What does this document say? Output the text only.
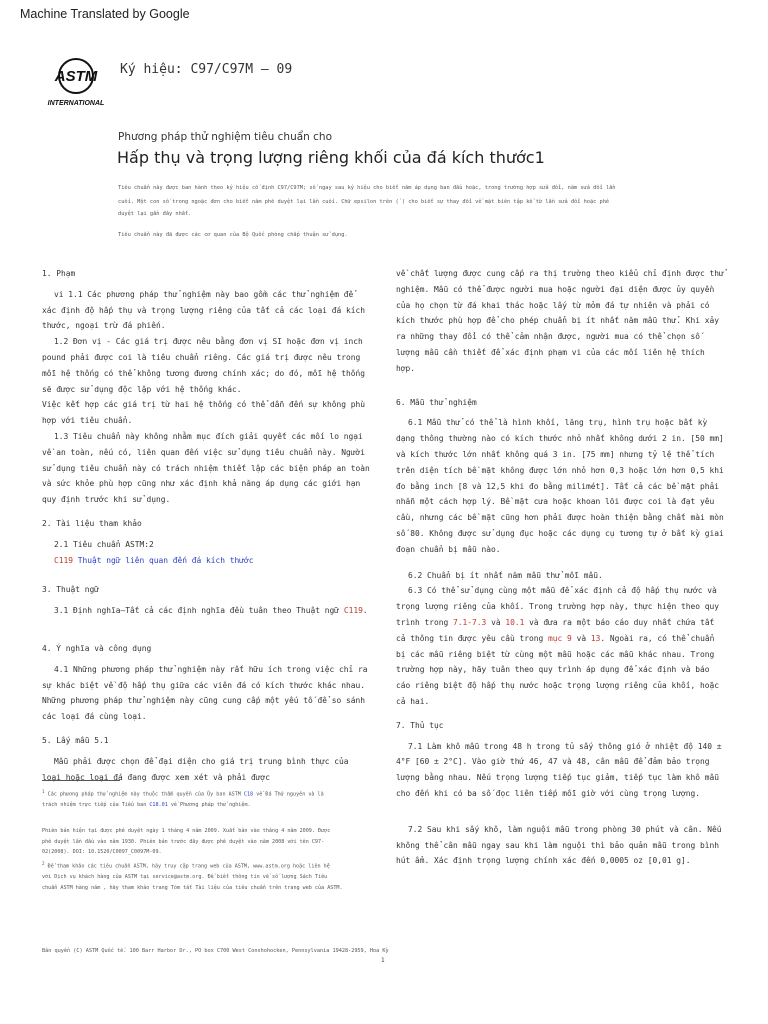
Machine Translated by Google
ASTM
INTERNATIONAL
Ký hiệu: C97/C97M – 09
Phương pháp thử nghiệm tiêu chuẩn cho
Hấp thụ và trọng lượng riêng khối của đá kích thước1
Tiêu chuẩn này được ban hành theo ký hiệu cố định C97/C97M; số ngay sau ký hiệu cho biết năm áp dụng ban đầu hoặc, trong trường hợp sửa đổi, năm sửa đổi lần
cuối. Một con số trong ngoặc đơn cho biết năm phê duyệt lại lần cuối. Chữ epsilon trên (´) cho biết sự thay đổi về mặt biên tập kể từ lần sửa đổi hoặc phê
duyệt lại gần đây nhất.
Tiêu chuẩn này đã được các cơ quan của Bộ Quốc phòng chấp thuận sử dụng.

1. Phạm

vi 1.1 Các phương pháp thử nghiệm này bao gồm các thử nghiệm để xác định độ hấp thụ và trọng lượng riêng của tất cả các loại đá kích thước, ngoại trừ đá phiến.

1.2 Đơn vị - Các giá trị được nêu bằng đơn vị SI hoặc đơn vị inch pound phải được coi là tiêu chuẩn riêng. Các giá trị được nêu trong mỗi hệ thống có thể không tương đương chính xác; do đó, mỗi hệ thống sẽ được sử dụng độc lập với hệ thống khác.

Việc kết hợp các giá trị từ hai hệ thống có thể dẫn đến sự không phù hợp với tiêu chuẩn.

1.3 Tiêu chuẩn này không nhằm mục đích giải quyết các mối lo ngại về an toàn, nếu có, liên quan đến việc sử dụng tiêu chuẩn này. Người sử dụng tiêu chuẩn này có trách nhiệm thiết lập các biện pháp an toàn và sức khỏe phù hợp cũng như xác định khả năng áp dụng các giới hạn quy định trước khi sử dụng.

2. Tài liệu tham khảo

2.1 Tiêu chuẩn ASTM:2

C119 Thuật ngữ liên quan đến đá kích thước

3. Thuật ngữ

3.1 Định nghĩa—Tất cả các định nghĩa đều tuân theo Thuật ngữ C119.

4. Ý nghĩa và công dụng

4.1 Những phương pháp thử nghiệm này rất hữu ích trong việc chỉ ra sự khác biệt về độ hấp thụ giữa các viên đá có kích thước khác nhau. Những phương pháp thử nghiệm này cũng cung cấp một yếu tố để so sánh các loại đá cùng loại.

5. Lấy mẫu 5.1

Mẫu phải được chọn để đại diện cho giá trị trung bình thực của loại hoặc loại đá đang được xem xét và phải được

về chất lượng được cung cấp ra thị trường theo kiểu chỉ định được thử nghiệm. Mẫu có thể được người mua hoặc người đại diện được ủy quyền của họ chọn từ đá khai thác hoặc lấy từ mỏm đá tự nhiên và phải có kích thước phù hợp để cho phép chuẩn bị ít nhất năm mẫu thử. Khi xảy ra những thay đổi có thể cảm nhận được, người mua có thể chọn số lượng mẫu cần thiết để xác định phạm vi của các mối liên hệ thích hợp.

6. Mẫu thử nghiệm

6.1 Mẫu thử có thể là hình khối, lăng trụ, hình trụ hoặc bất kỳ dạng thông thường nào có kích thước nhỏ nhất không dưới 2 in. [50 mm] và kích thước lớn nhất không quá 3 in. [75 mm] nhưng tỷ lệ thể tích trên diện tích bề mặt không được lớn nhỏ hơn 0,3 hoặc lớn hơn 0,5 khi đo bằng inch [8 và 12,5 khi đo bằng milimét]. Tất cả các bề mặt phải nhẵn một cách hợp lý. Bề mặt cưa hoặc khoan lõi được coi là đạt yêu cầu, nhưng các bề mặt cũng hơn phải được hoàn thiện bằng chất mài mòn số 80. Không được sử dụng đục hoặc các dụng cụ tương tự ở bất kỳ giai đoạn chuẩn bị mẫu nào.

6.2 Chuẩn bị ít nhất năm mẫu thử mỗi mẫu.

6.3 Có thể sử dụng cùng một mẫu để xác định cả độ hấp thụ nước và trọng lượng riêng của khối. Trong trường hợp này, thực hiện theo quy trình trong 7.1-7.3 và 10.1 và đưa ra một báo cáo duy nhất chứa tất cả thông tin được yêu cầu trong mục 9 và 13. Ngoài ra, có thể chuẩn bị các mẫu riêng biệt từ cùng một mẫu hoặc các mẫu khác nhau. Trong trường hợp này, hãy tuân theo quy trình áp dụng để xác định và báo cáo riêng biệt độ hấp thụ nước hoặc trọng lượng riêng của khối, hoặc cả hai.

7. Thủ tục

7.1 Làm khô mẫu trong 48 h trong tủ sấy thông gió ở nhiệt độ 140 ± 4°F [60 ± 2°C]. Vào giờ thứ 46, 47 và 48, cân mẫu để đảm bảo trọng lượng bằng nhau. Nếu trọng lượng tiếp tục giảm, tiếp tục làm khô mẫu cho đến khi có ba số đọc liên tiếp mỗi giờ với cùng trọng lượng.

7.2 Sau khi sấy khô, làm nguội mẫu trong phòng 30 phút và cân. Nếu không thể cân mẫu ngay sau khi làm nguội thì bảo quản mẫu trong bình hút ẩm. Xác định trọng lượng chính xác đến 0,0005 oz [0,01 g].

$^1$ Các phương pháp thử nghiệm này thuộc thẩm quyền của Ủy ban ASTM C18 về Đá Thứ nguyên và là
trách nhiệm trực tiếp của Tiểu ban C18.01 về Phương pháp thử nghiệm.
Phiên bản hiện tại được phê duyệt ngày 1 tháng 4 năm 2009. Xuất bản vào tháng 4 năm 2009. Được
phê duyệt lần đầu vào năm 1930. Phiên bản trước đây được phê duyệt vào năm 2008 với tên C97-
02(2008). DOI: 10.1520/C0097_C0097M-09.
$^2$ Để tham khảo các tiêu chuẩn ASTM, hãy truy cập trang web của ASTM, www.astm.org hoặc liên hệ
với Dịch vụ khách hàng của ASTM tại service@astm.org. Để biết thông tin về số lượng Sách Tiêu
chuẩn ASTM hàng năm , hãy tham khảo trang Tóm tắt Tài liệu của tiêu chuẩn trên trang web của ASTM.
Bản quyền (C) ASTM Quốc tế. 100 Barr Harbor Dr., PO box C700 West Conshohocken, Pennsylvania 19428-2959, Hoa Kỳ
1
